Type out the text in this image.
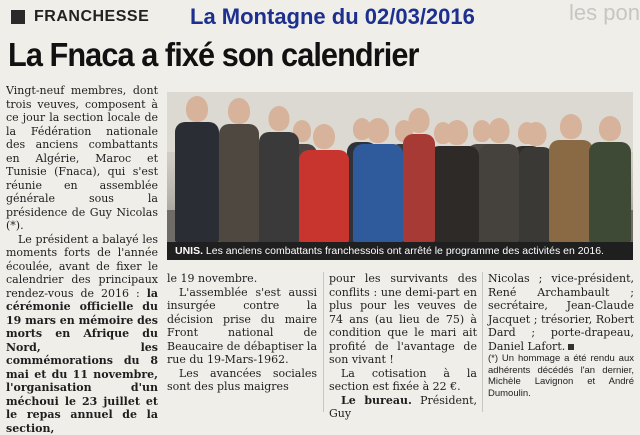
FRANCHESSE La Montagne du 02/03/2016	les pon
La Fnaca a fixé son calendrier

Vingt-neuf membres, dont trois veuves, composent à ce jour la section locale de la Fédération nationale des anciens combattants en Algérie, Maroc et Tunisie (Fnaca), qui s'est réunie en assemblée générale sous la présidence de Guy Nicolas (*).

Le président a balayé les moments forts de l'année écoulée, avant de fixer le calendrier des principaux rendez-vous de 2016 : la cérémonie officielle du 19 mars en mémoire des morts en Afrique du Nord, les commémorations du 8 mai et du 11 novembre, l'organisation d'un méchoui le 23 juillet et le repas annuel de la section,

UNIS. Les anciens combattants franchessois ont arrêté le programme des activités en 2016.

le 19 novembre.

L'assemblée s'est aussi insurgée contre la décision prise du maire Front national de Beaucaire de débaptiser la rue du 19-Mars-1962.

Les avancées sociales sont des plus maigres

pour les survivants des conflits : une demi-part en plus pour les veuves de 74 ans (au lieu de 75) à condition que le mari ait profité de l'avantage de son vivant !

La cotisation à la section est fixée à 22 €.

Le bureau. Président, Guy

Nicolas ; vice-président, René Archambault ; secrétaire, Jean-Claude Jacquet ; trésorier, Robert Dard ; porte-drapeau, Daniel Lafort.

(*) Un hommage a été rendu aux adhérents décédés l'an dernier, Michèle Lavignon et André Dumoulin.
